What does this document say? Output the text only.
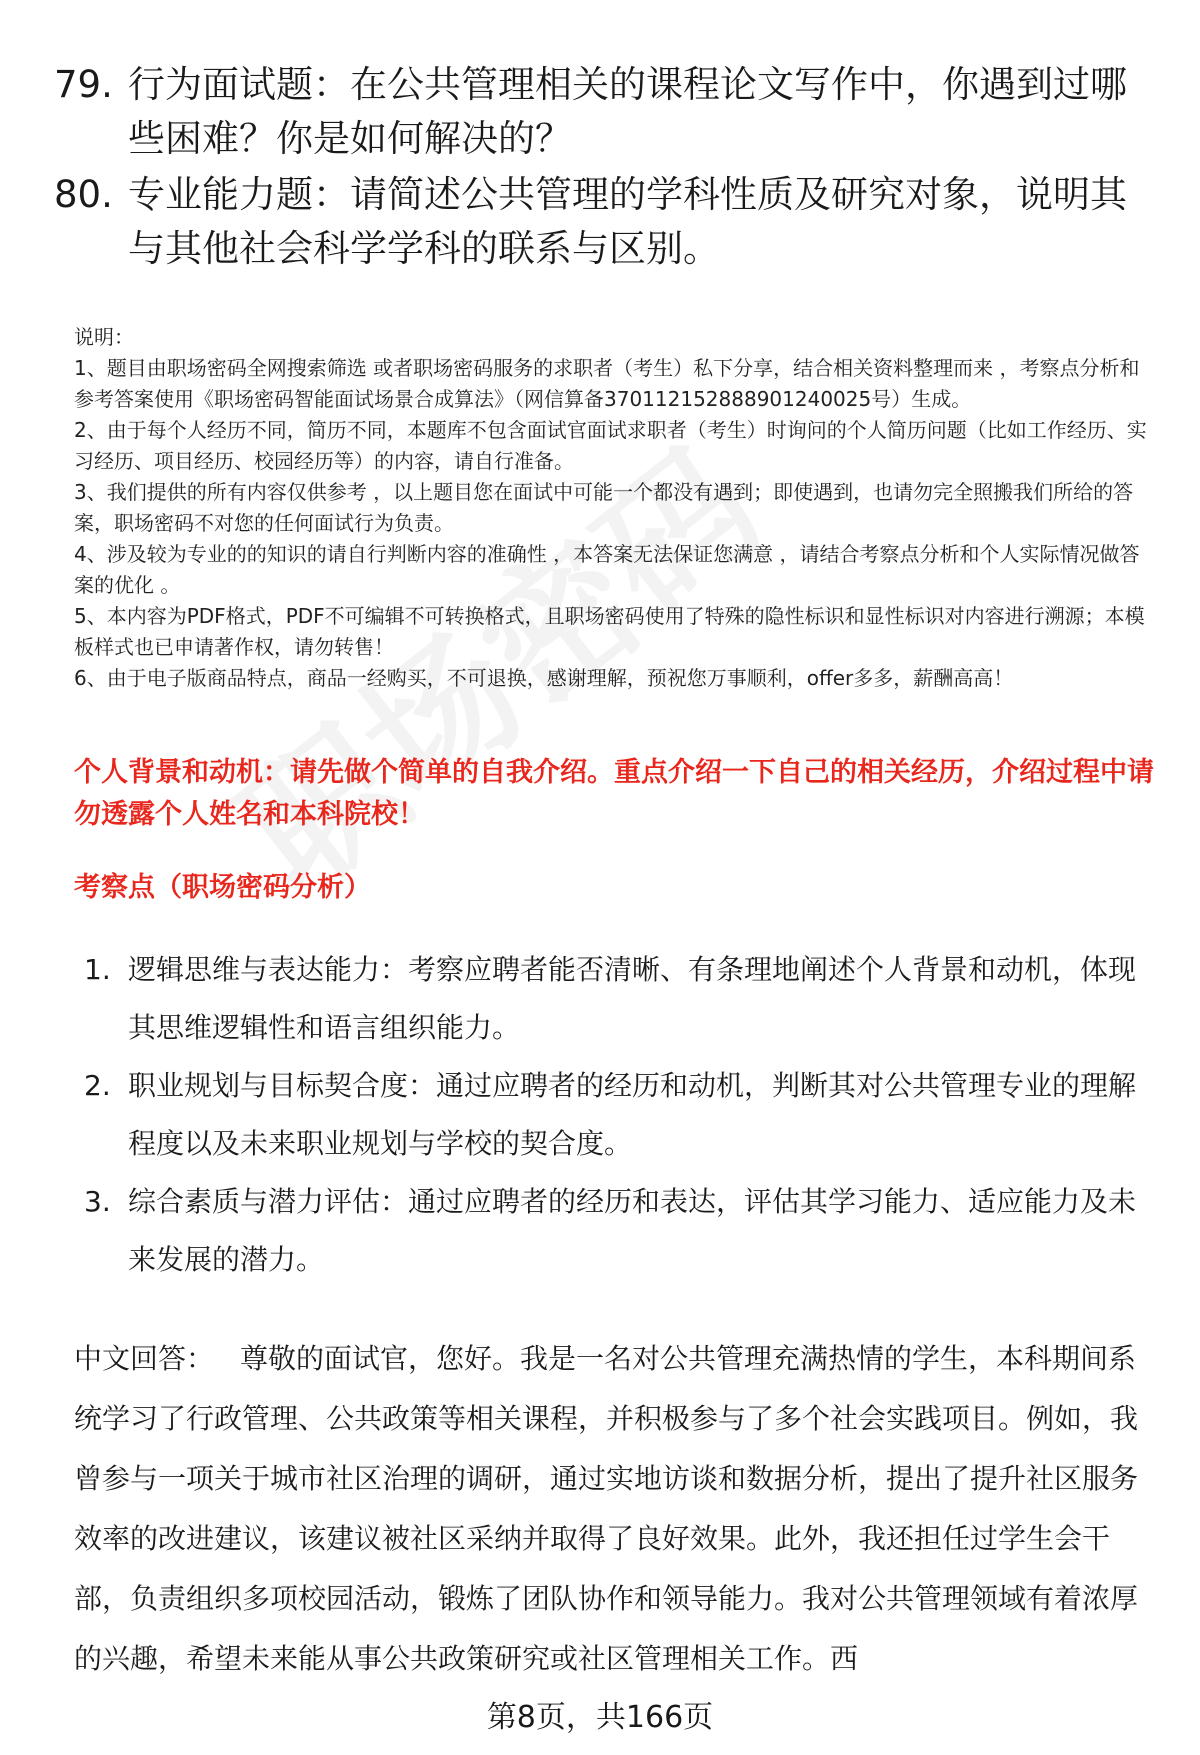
79. 行为面试题：在公共管理相关的课程论文写作中，你遇到过哪些困难？你是如何解决的？
80. 专业能力题：请简述公共管理的学科性质及研究对象，说明其与其他社会科学学科的联系与区别。

说明：

1、题目由职场密码全网搜索筛选 或者职场密码服务的求职者（考生）私下分享，结合相关资料整理而来 ，考察点分析和参考答案使用《职场密码智能面试场景合成算法》（网信算备370112152888901240025号）生成。

2、由于每个人经历不同，简历不同，本题库不包含面试官面试求职者（考生）时询问的个人简历问题（比如工作经历、实习经历、项目经历、校园经历等）的内容，请自行准备。

3、我们提供的所有内容仅供参考 ，以上题目您在面试中可能一个都没有遇到；即使遇到，也请勿完全照搬我们所给的答案，职场密码不对您的任何面试行为负责。

4、涉及较为专业的的知识的请自行判断内容的准确性 ，本答案无法保证您满意 ，请结合考察点分析和个人实际情况做答案的优化 。

5、本内容为PDF格式，PDF不可编辑不可转换格式，且职场密码使用了特殊的隐性标识和显性标识对内容进行溯源；本模板样式也已申请著作权，请勿转售！

6、由于电子版商品特点，商品一经购买，不可退换，感谢理解，预祝您万事顺利，offer多多，薪酬高高！

个人背景和动机：请先做个简单的自我介绍。重点介绍一下自己的相关经历，介绍过程中请勿透露个人姓名和本科院校！
考察点（职场密码分析）
1. 逻辑思维与表达能力：考察应聘者能否清晰、有条理地阐述个人背景和动机，体现其思维逻辑性和语言组织能力。
2. 职业规划与目标契合度：通过应聘者的经历和动机，判断其对公共管理专业的理解程度以及未来职业规划与学校的契合度。
3. 综合素质与潜力评估：通过应聘者的经历和表达，评估其学习能力、适应能力及未来发展的潜力。
中文回答： 尊敬的面试官，您好。我是一名对公共管理充满热情的学生，本科期间系统学习了行政管理、公共政策等相关课程，并积极参与了多个社会实践项目。例如，我曾参与一项关于城市社区治理的调研，通过实地访谈和数据分析，提出了提升社区服务效率的改进建议，该建议被社区采纳并取得了良好效果。此外，我还担任过学生会干部，负责组织多项校园活动，锻炼了团队协作和领导能力。我对公共管理领域有着浓厚的兴趣，希望未来能从事公共政策研究或社区管理相关工作。西
第8页，共166页
